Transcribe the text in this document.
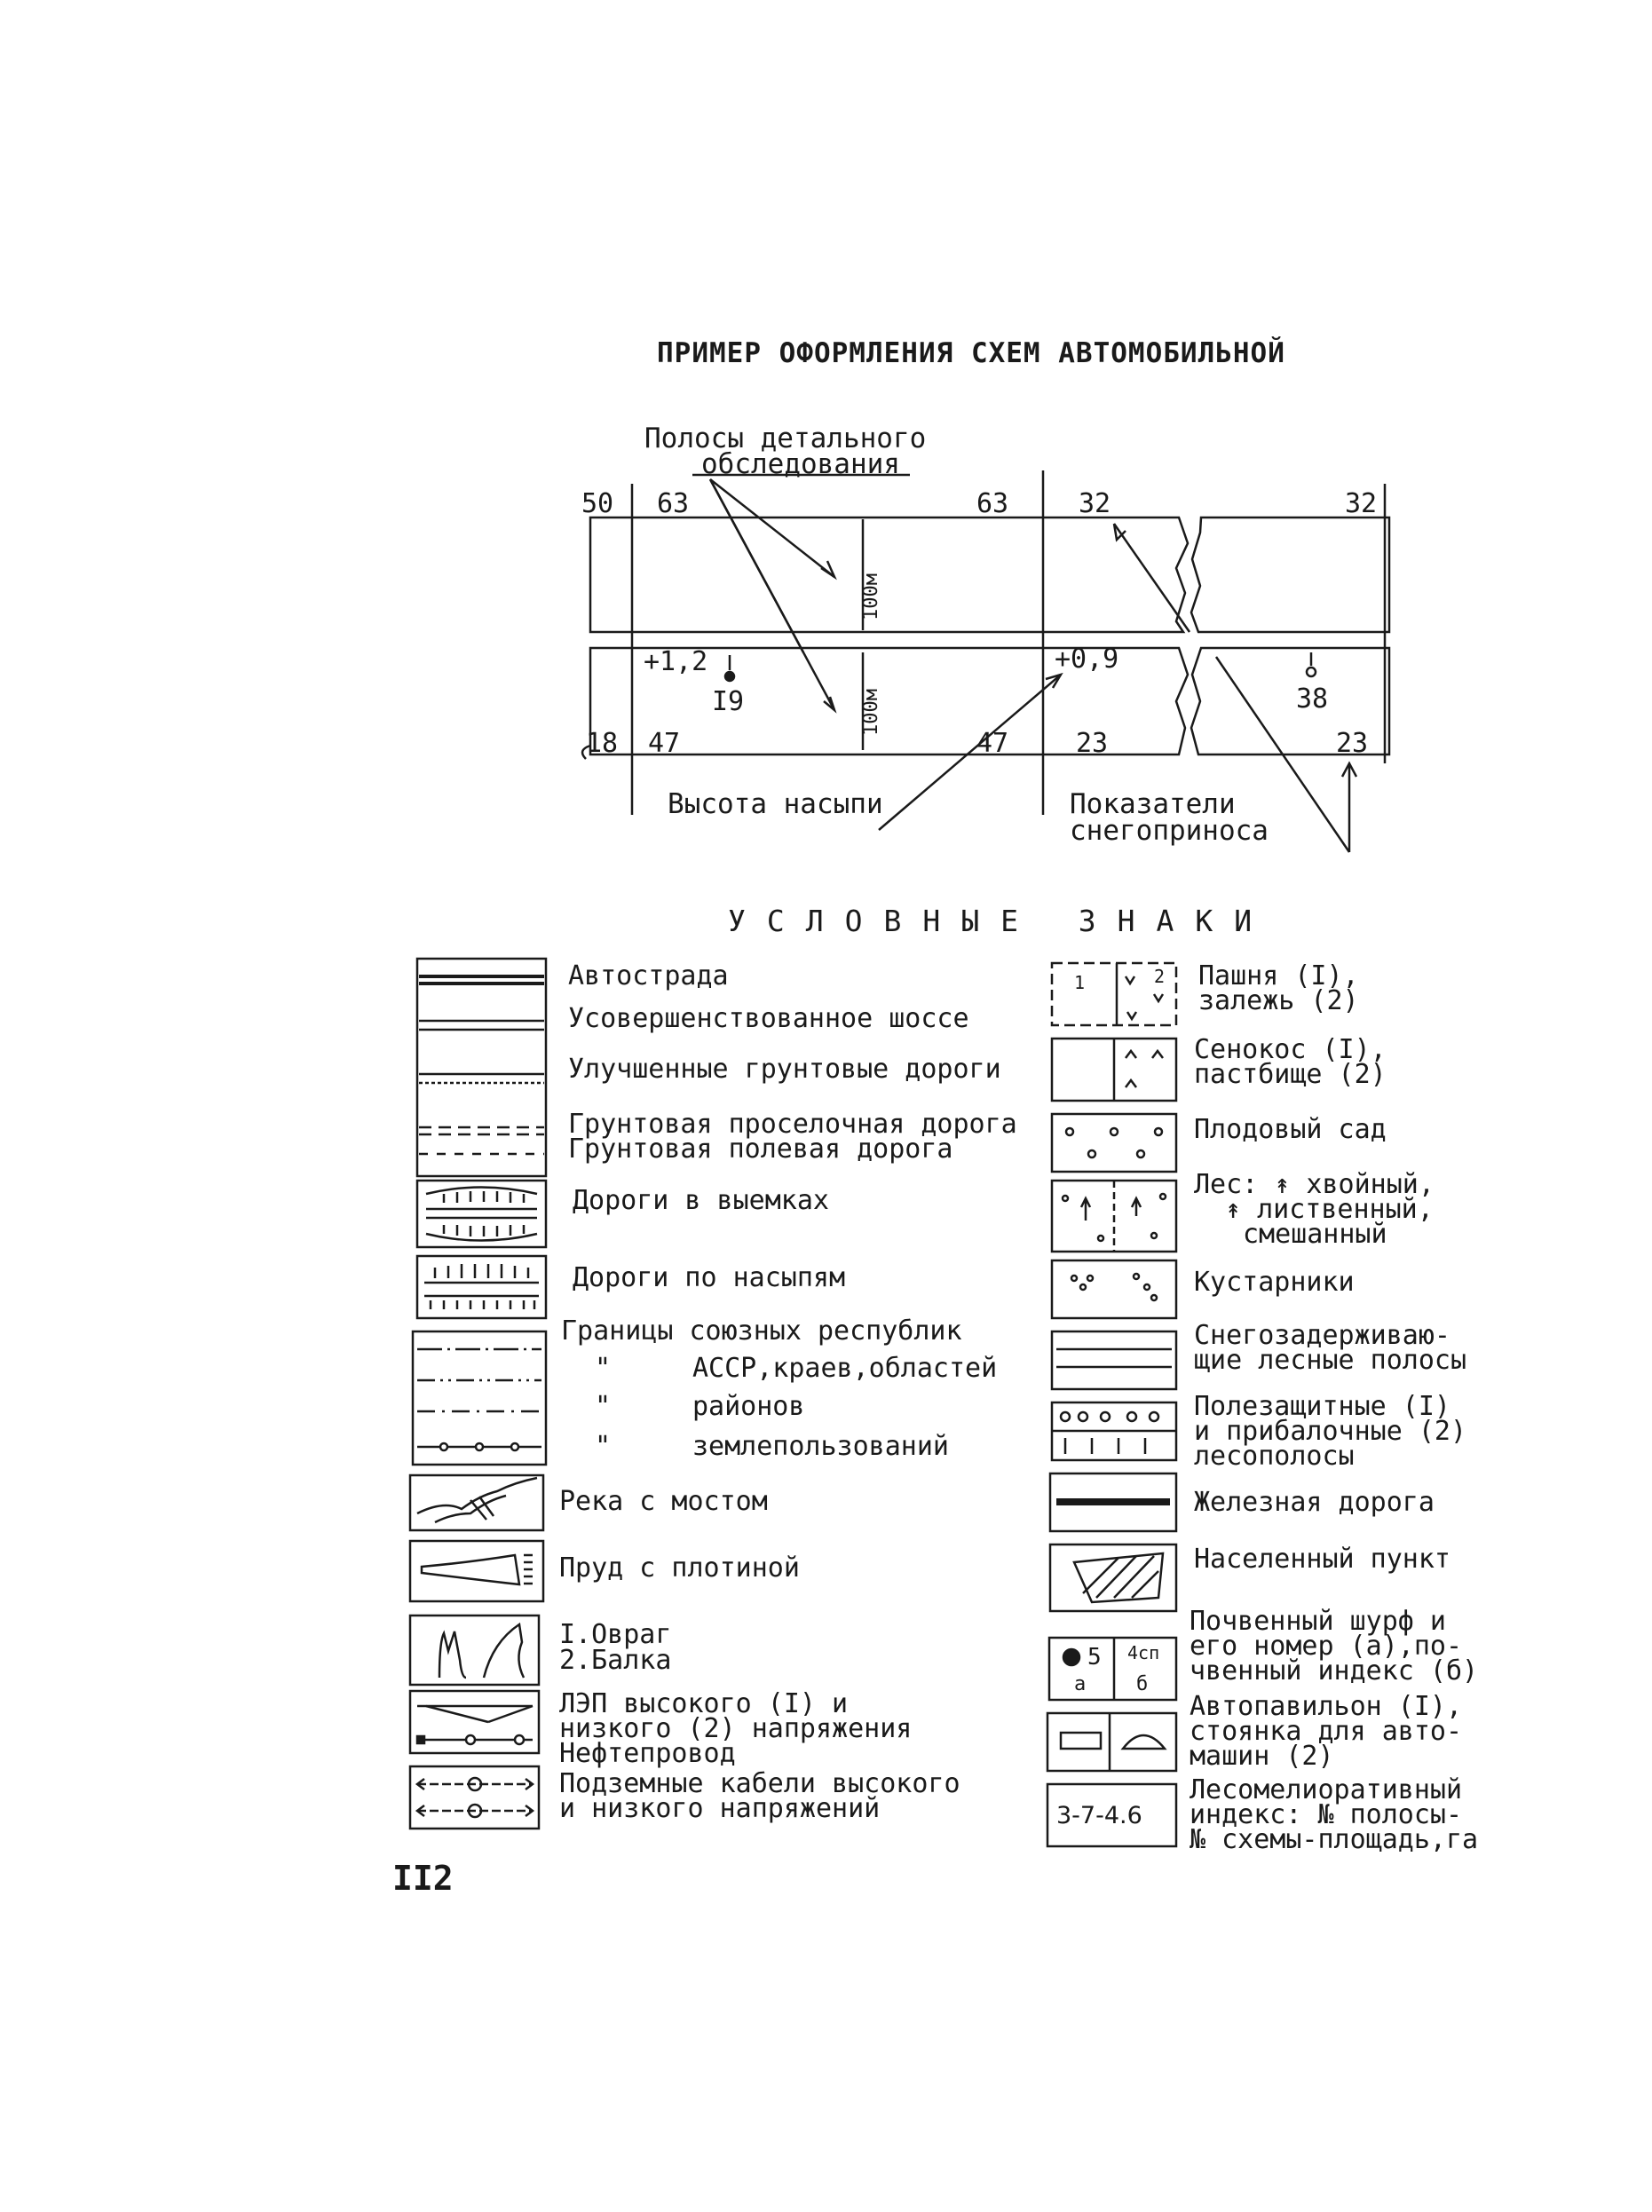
ПРИМЕР ОФОРМЛЕНИЯ СХЕМ АВТОМОБИЛЬНОЙ
Полосы детального
обследования
50 63	63	32	32
100м
100м
+1,2
I9
+0,9
38
18 47	47	23	23
Высота насыпи	Показатели
снегоприноса
УСЛОВНЫЕ ЗНАКИ
Автострада
Усовершенствованное шоссе
Улучшенные грунтовые дороги
Грунтовая проселочная дорога
Грунтовая полевая дорога
Дороги в выемках
Дороги по насыпям
Границы союзных республик
"	АССР,краев,областей
"	районов
"	землепользований
Река с мостом
Пруд с плотиной
I.Овраг
2.Балка
ЛЭП высокого (I) и
низкого (2) напряжения
Нефтепровод
Подземные кабели высокого
и низкого напряжений
1	2
5 4сп
а	б
3-7-4.6
Пашня (I),
залежь (2)
Сенокос (I),
пастбище (2)
Плодовый сад
Лес: ↟ хвойный,
↟ лиственный,
смешанный
Кустарники
Снегозадерживаю-
щие лесные полосы
Полезащитные (I)
и прибалочные (2)
лесополосы
Железная дорога
Населенный пункт
Почвенный шурф и
его номер (а),по-
чвенный индекс (б)
Автопавильон (I),
стоянка для авто-
машин (2)
Лесомелиоративный
индекс: № полосы-
№ схемы-площадь,га
II2
